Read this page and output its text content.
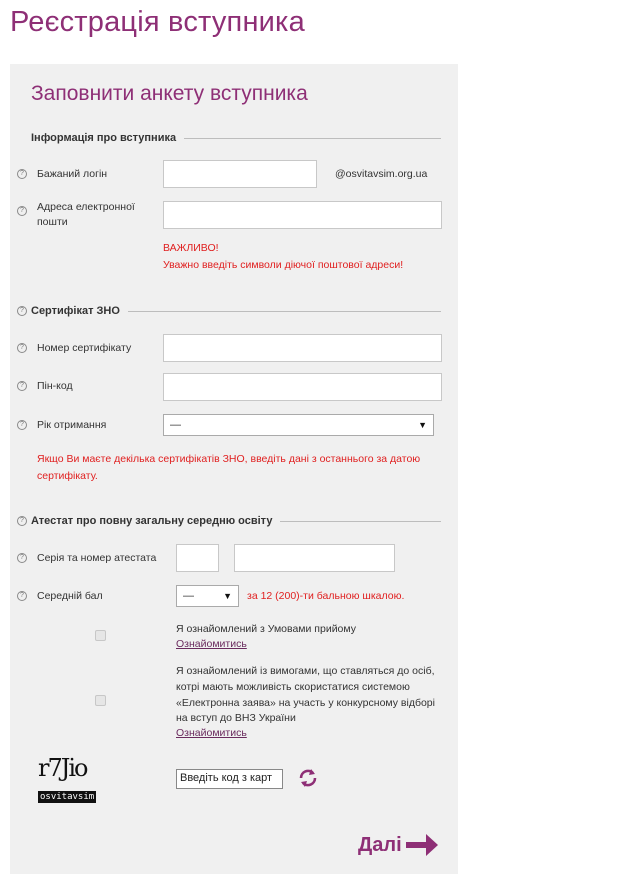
Реєстрація вступника
Заповнити анкету вступника
Інформація про вступника
? Бажаний логін	@osvitavsim.org.ua
? Адреса електронної
пошти
ВАЖЛИВО!
Уважно введіть символи діючої поштової адреси!
? Сертифікат ЗНО
? Номер сертифікату
? Пін-код
? Рік отримання	—	▼
Якщо Ви маєте декілька сертифікатів ЗНО, введіть дані з останнього за датою
сертифікату.
? Атестат про повну загальну середню освіту
? Серія та номер атестата
? Середній бал	—	▼ за 12 (200)-ти бальною шкалою.
Я ознайомлений з Умовами прийому
Ознайомитись
Я ознайомлений із вимогами, що ставляться до осіб,
котрі мають можливість скористатися системою
«Електронна заява» на участь у конкурсному відборі
на вступ до ВНЗ України
Ознайомитись
r7Jio
osvitavsim
Введіть код з карт
Далі
